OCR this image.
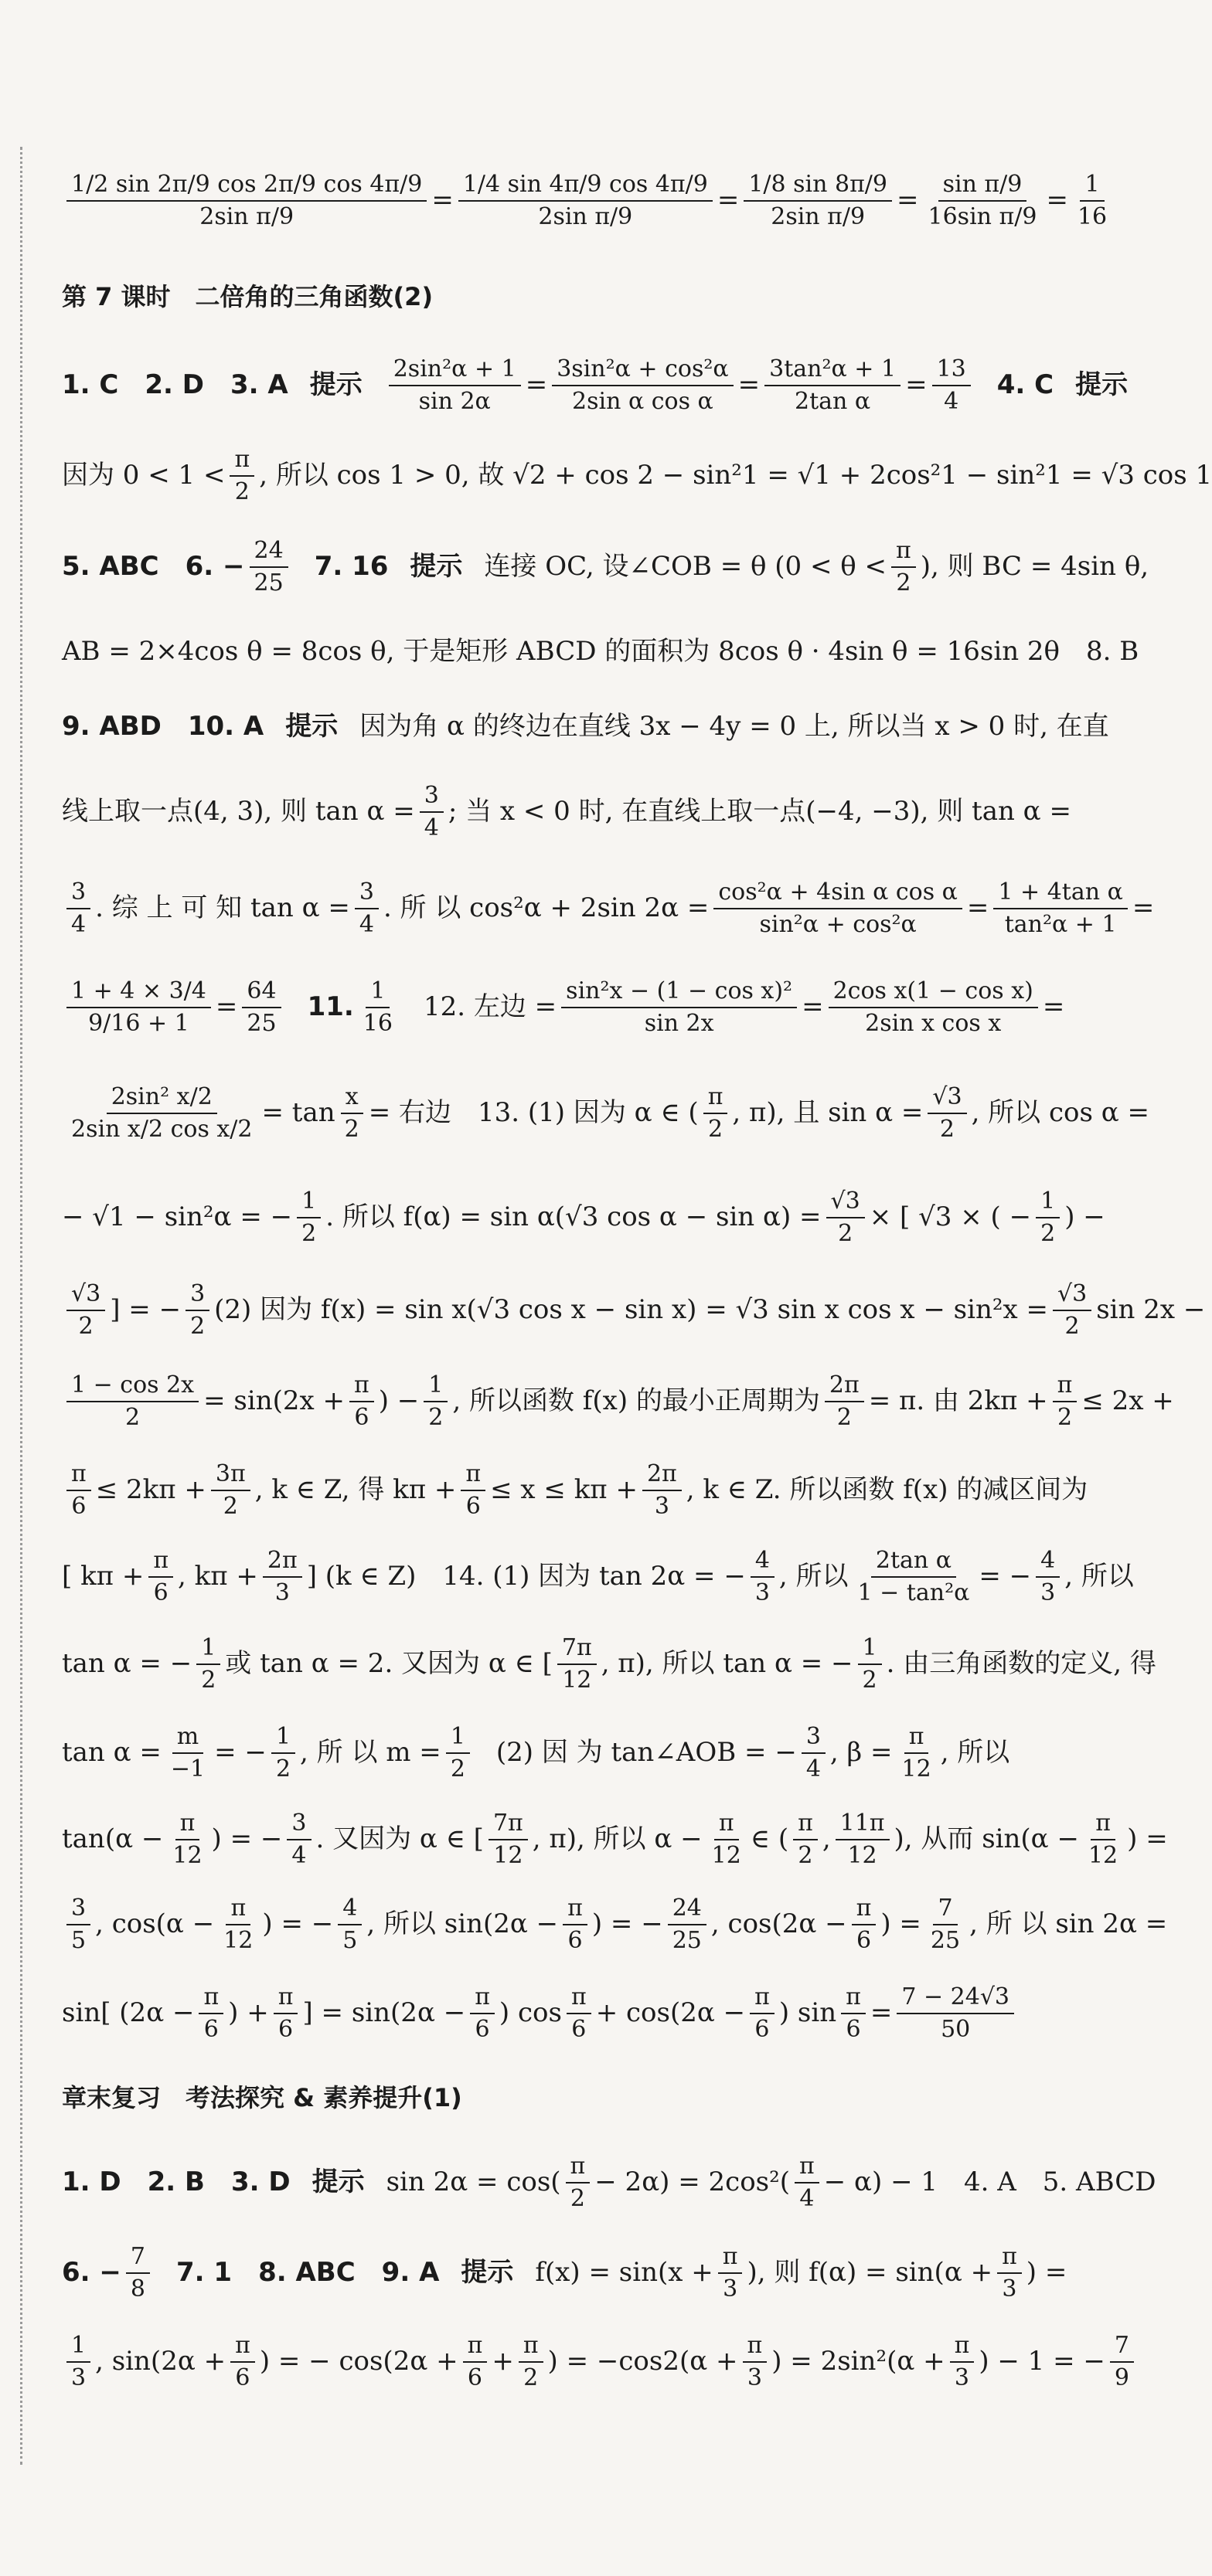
$\frac{1/2 \sin 2\pi/9 \cos 2\pi/9 \cos 4\pi/9}{\text{2sin π/9}} = \frac{1/4 \sin 4\pi/9 \cos 4\pi/9}{\text{2sin π/9}} = \frac{1/8 \sin 8\pi/9}{\text{2sin π/9}} = \frac{\text{sin π/9}}{\text{16sin π/9}} = \frac{1}{16}$
第 7 课时　二倍角的三角函数(2)
1. C　2. D　3. A 提示 $\frac{\text{2sin²α + 1}}{\sin 2\alpha} = \frac{\text{3sin²α + cos²α}}{\text{2sin α cos α}} = \frac{\text{3tan²α + 1}}{\text{2tan α}} = \frac{13}{4} 4$. C 提示
因为 $0 < 1 < \frac{\pi}{2}$ , 所以 cos 1 > 0, 故 √2 + cos 2 − sin²1 = √1 + 2cos²1 − sin²1 = √3 cos 1
5. ABC　6. − $\frac{24}{25} 7$. 16 提示 连接 OC, 设∠COB = θ ($0 < \theta < \frac{\pi}{2}$ ), 则 BC = 4sin θ,
AB = 2×4cos θ = 8cos θ, 于是矩形 ABCD 的面积为 8cos θ · 4sin θ = 16sin 2θ　8. B
9. ABD　10. A 提示 因为角 α 的终边在直线 3x − 4y = 0 上, 所以当 x > 0 时, 在直
线上取一点(4, 3), 则 $\tan \alpha = \frac{3}{4}$ ; 当 x < 0 时, 在直线上取一点(−4, −3), 则 tan α =
$\frac{3}{4}$ . 综 上 可 知 $\tan \alpha = \frac{3}{4}$ . 所 以 cos²α + 2sin $2\alpha = \frac{\text{cos²α + 4sin α cos α}}{\text{sin²α + cos²α}} = \frac{\text{1 + 4tan α}}{\text{tan²α + 1}}$ =
$\frac{1 + 4 \times 3/4}{9/16 + 1} = \frac{64}{25} 11$. $\frac{1}{16} 12$. 左边 = $\frac{\text{sin²x − (1 − cos x)²}}{\sin 2x} = \frac{\text{2cos x(1 − cos x)}}{\text{2sin x cos x}}$ =
$\frac{\text{2sin² x/2}}{\text{2sin x/2 cos x/2}} = \tan \frac{x}{2}$ = 右边　13. (1) 因为 α ∈ ( $\frac{\pi}{2}$ , π), 且 $\sin \alpha = \frac{√3}{2}$ , 所以 cos α =
− √1 − sin²α = − $\frac{1}{2}$ . 所以 f(α) = sin α(√3 $\cos \alpha - \sin \alpha) = \frac{√3}{2}$ × [ √3 × ( − $\frac{1}{2}$ ) −
$\frac{√3}{2}$ ] = − $\frac{3}{2} (2)$ 因为 f(x) = sin x(√3 cos x − sin x) = √3 sin x $\cos x - \sin^2x = \frac{√3}{2}$ sin 2x −
$\frac{1 - \cos 2x}{2} = \sin(2x + \frac{\pi}{6}$ ) − $\frac{1}{2}$ , 所以函数 f(x) 的最小正周期为 $\frac{2\pi}{2} = \pi$. 由 $2k\pi + \frac{\pi}{2} \le 2x$ +
$\frac{\pi}{6} \le 2k\pi + \frac{3\pi}{2}$ , k ∈ Z, 得 $k\pi + \frac{\pi}{6} \le x \le k\pi + \frac{2\pi}{3}$ , k ∈ Z. 所以函数 f(x) 的减区间为
[ $k\pi + \frac{\pi}{6}$ , $k\pi + \frac{2\pi}{3}$ ] (k ∈ Z)　14. (1) 因为 tan 2α = − $\frac{4}{3}$ , 所以 $\frac{\text{2tan α}}{\text{1 − tan²α}}$ = − $\frac{4}{3}$ , 所以
tan α = − $\frac{1}{2}$ 或 tan α = 2. 又因为 α ∈ [ $\frac{7\pi}{12}$ , π), 所以 tan α = − $\frac{1}{2}$ . 由三角函数的定义, 得
$\tan \alpha = \frac{m}{-1}$ = − $\frac{1}{2}$ , 所 以 $m = \frac{1}{2} (2)$ 因 为 tan∠AOB = − $\frac{3}{4}$ , $\beta = \frac{\pi}{12}$ , 所以
$\tan(\alpha - \frac{\pi}{12}$ ) = − $\frac{3}{4}$ . 又因为 α ∈ [ $\frac{7\pi}{12}$ , π), 所以 $\alpha - \frac{\pi}{12}$ ∈ ( $\frac{\pi}{2}$ , $\frac{11\pi}{12}$ ), 从而 $\sin(\alpha - \frac{\pi}{12}$ ) =
$\frac{3}{5}$ , $\cos(\alpha - \frac{\pi}{12}$ ) = − $\frac{4}{5}$ , 所以 $\sin(2\alpha - \frac{\pi}{6}$ ) = − $\frac{24}{25}$ , $\cos(2\alpha - \frac{\pi}{6}$ ) = $\frac{7}{25}$ , 所 以 sin 2α =
sin[ ($2\alpha - \frac{\pi}{6}$ ) + $\frac{\pi}{6}$ ] = $\sin(2\alpha - \frac{\pi}{6}$ ) $\cos \frac{\pi}{6} + \cos(2\alpha - \frac{\pi}{6}$ ) $\sin \frac{\pi}{6} = \frac{7 - 24√3}{50}$
章末复习　考法探究 & 素养提升(1)
1. D　2. B　3. D 提示 $\sin 2\alpha = \cos( \frac{\pi}{2} - 2\alpha) = 2\cos^2( \frac{\pi}{4} - \alpha) - 1$　4. A　5. ABCD
6. − $\frac{7}{8} 7$. 1　8. ABC　9. A 提示 $f(x) = \sin(x + \frac{\pi}{3}$ ), 则 $f(\alpha) = \sin(\alpha + \frac{\pi}{3}$ ) =
$\frac{1}{3}$ , $\sin(2\alpha + \frac{\pi}{6}$ ) = − $\cos(2\alpha + \frac{\pi}{6} + \frac{\pi}{2}$ ) = $-\cos 2(\alpha + \frac{\pi}{3}$ ) = $2\sin^2(\alpha + \frac{\pi}{3}$ ) − 1 = − $\frac{7}{9}$
